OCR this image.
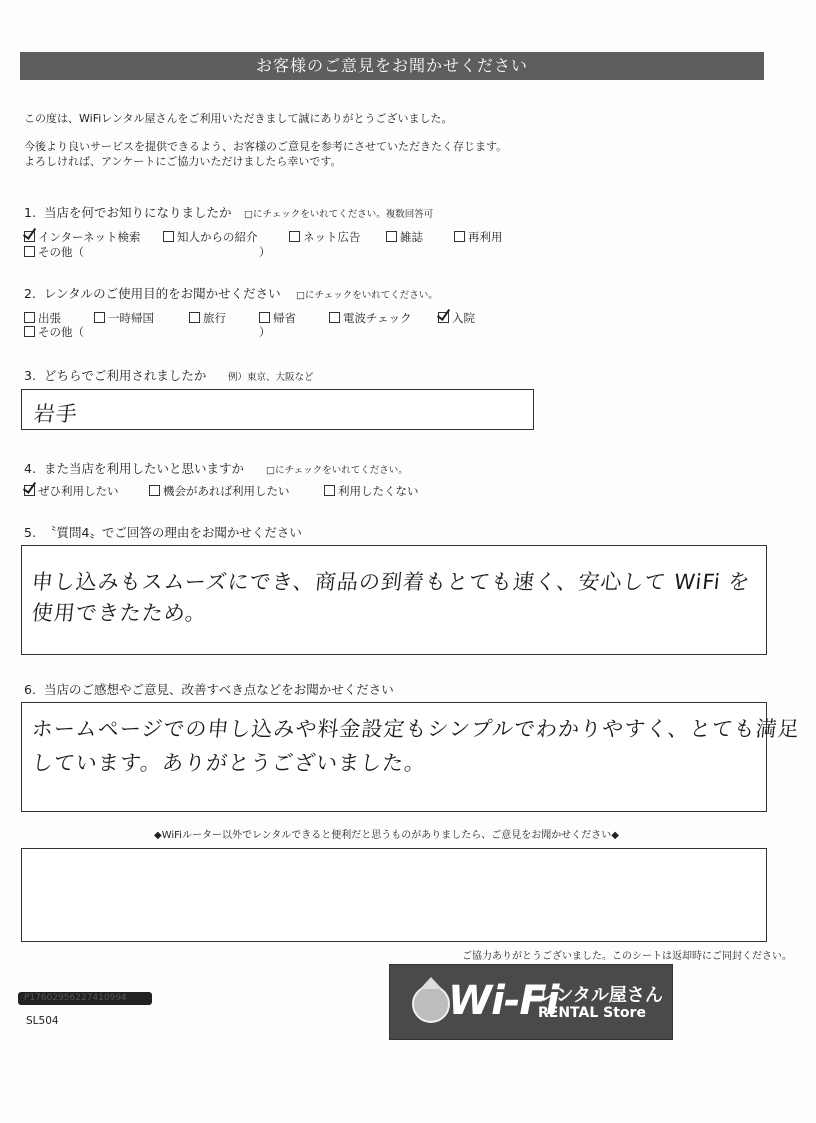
お客様のご意見をお聞かせください
この度は、WiFiレンタル屋さんをご利用いただきまして誠にありがとうございました。
今後より良いサービスを提供できるよう、お客様のご意見を参考にさせていただきたく存じます。
よろしければ、アンケートにご協力いただけましたら幸いです。
1. 当店を何でお知りになりましたか □にチェックをいれてください。複数回答可
インターネット検索	知人からの紹介	ネット広告	雑誌	再利用
その他（	）
2. レンタルのご使用目的をお聞かせください □にチェックをいれてください。
出張	一時帰国	旅行	帰省	電波チェック	入院
その他（	）
3. どちらでご利用されましたか 例）東京、大阪など
岩手
4. また当店を利用したいと思いますか □にチェックをいれてください。
ぜひ利用したい	機会があれば利用したい	利用したくない
5. 〝質問4〟でご回答の理由をお聞かせください
申し込みもスムーズにでき、商品の到着もとても速く、安心して WiFi を
使用できたため。
6. 当店のご感想やご意見、改善すべき点などをお聞かせください
ホームページでの申し込みや料金設定もシンプルでわかりやすく、とても満足
しています。ありがとうございました。
◆WiFiルーター以外でレンタルできると便利だと思うものがありましたら、ご意見をお聞かせください◆
ご協力ありがとうございました。このシートは返却時にご同封ください。
P17602956227410994
SL504	Wi-Fi
レンタル屋さん
RENTAL Store
